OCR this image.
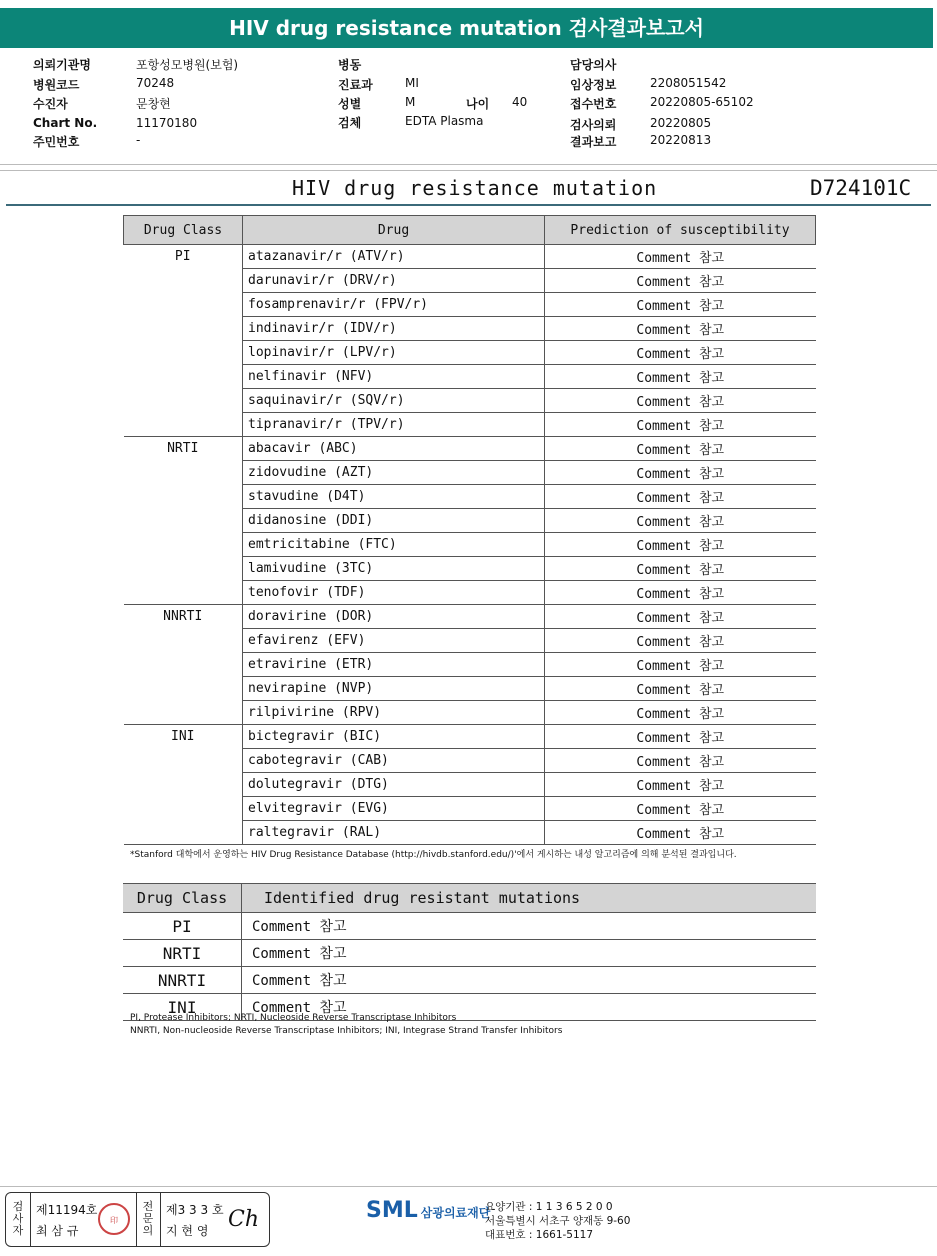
HIV drug resistance mutation 검사결과보고서
의뢰기관명	포항성모병원(보험)
병원코드	70248
수진자	문창현
Chart No.	11170180
주민번호	-
병동
진료과	MI
성별	M	나이 40
검체	EDTA Plasma
담당의사
임상정보	2208051542
접수번호	20220805-65102
검사의뢰	20220805
결과보고	20220813
HIV drug resistance mutation	D724101C
Drug Class	Drug	Prediction of susceptibility
PI	atazanavir/r (ATV/r)	Comment 참고
	darunavir/r (DRV/r)	Comment 참고
	fosamprenavir/r (FPV/r)	Comment 참고
	indinavir/r (IDV/r)	Comment 참고
	lopinavir/r (LPV/r)	Comment 참고
	nelfinavir (NFV)	Comment 참고
	saquinavir/r (SQV/r)	Comment 참고
	tipranavir/r (TPV/r)	Comment 참고
NRTI	abacavir (ABC)	Comment 참고
	zidovudine (AZT)	Comment 참고
	stavudine (D4T)	Comment 참고
	didanosine (DDI)	Comment 참고
	emtricitabine (FTC)	Comment 참고
	lamivudine (3TC)	Comment 참고
	tenofovir (TDF)	Comment 참고
NNRTI	doravirine (DOR)	Comment 참고
	efavirenz (EFV)	Comment 참고
	etravirine (ETR)	Comment 참고
	nevirapine (NVP)	Comment 참고
	rilpivirine (RPV)	Comment 참고
INI	bictegravir (BIC)	Comment 참고
	cabotegravir (CAB)	Comment 참고
	dolutegravir (DTG)	Comment 참고
	elvitegravir (EVG)	Comment 참고
	raltegravir (RAL)	Comment 참고
*Stanford 대학에서 운영하는 HIV Drug Resistance Database (http://hivdb.stanford.edu/)'에서 게시하는 내성 알고리즘에 의해 분석된 결과입니다.
Drug Class	Identified drug resistant mutations
PI	Comment 참고
NRTI	Comment 참고
NNRTI	Comment 참고
INI	Comment 참고
PI, Protease Inhibitors; NRTI, Nucleoside Reverse Transcriptase Inhibitors
NNRTI, Non-nucleoside Reverse Transcriptase Inhibitors; INI, Integrase Strand Transfer Inhibitors
검사자
제11194호
최 삼 규
印
전문의
제3 3 3 호
지 현 영 Ch	SML 삼광의료재단
요양기관 : 1 1 3 6 5 2 0 0
서울특별시 서초구 양재동 9-60
대표번호 : 1661-5117
